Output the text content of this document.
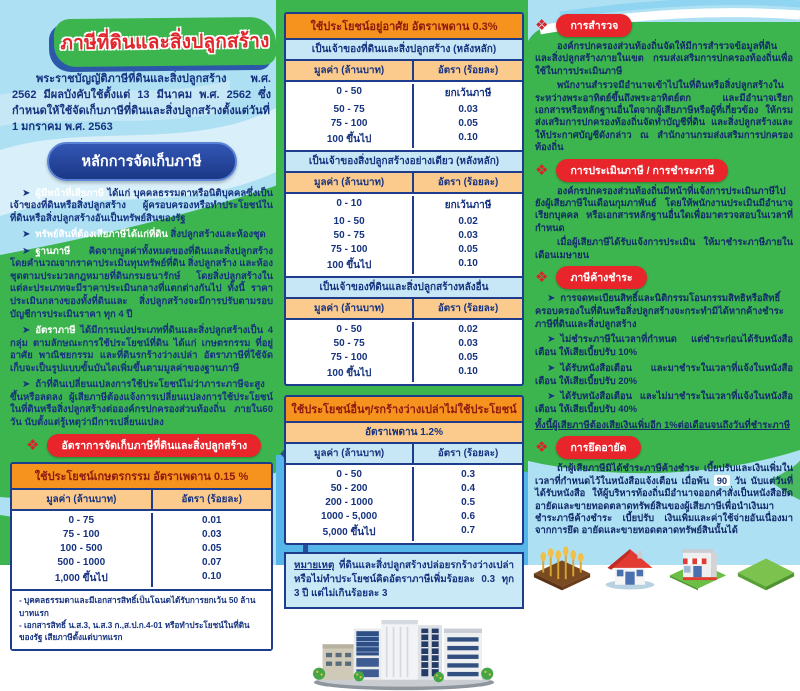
ภาษีที่ดินและสิ่งปลูกสร้าง

พระราชบัญญัติภาษีที่ดินและสิ่งปลูกสร้าง พ.ศ. 2562 มีผลบังคับใช้ตั้งแต่ 13 มีนาคม พ.ศ. 2562 ซึ่งกำหนดให้ใช้จัดเก็บภาษีที่ดินและสิ่งปลูกสร้างตั้งแต่วันที่ 1 มกราคม พ.ศ. 2563

หลักการจัดเก็บภาษี

➤ ผู้มีหน้าที่เสียภาษี ได้แก่ บุคคลธรรมดาหรือนิติบุคคลซึ่งเป็นเจ้าของที่ดินหรือสิ่งปลูกสร้าง ผู้ครอบครองหรือทำประโยชน์ในที่ดินหรือสิ่งปลูกสร้างอันเป็นทรัพย์สินของรัฐ

➤ ทรัพย์สินที่ต้องเสียภาษีได้แก่ที่ดิน สิ่งปลูกสร้างและห้องชุด

➤ ฐานภาษี คิดจากมูลค่าทั้งหมดของที่ดินและสิ่งปลูกสร้างโดยคำนวณจากราคาประเมินทุนทรัพย์ที่ดิน สิ่งปลูกสร้าง และห้องชุดตามประมวลกฎหมายที่ดินกรมธนารักษ์ โดยสิ่งปลูกสร้างในแต่ละประเภทจะมีราคาประเมินกลางที่แตกต่างกันไป ทั้งนี้ ราคาประเมินกลางของทั้งที่ดินและ สิ่งปลูกสร้างจะมีการปรับตามรอบบัญชีการประเมินราคา ทุก 4 ปี

➤ อัตราภาษี ได้มีการแบ่งประเภทที่ดินและสิ่งปลูกสร้างเป็น 4 กลุ่ม ตามลักษณะการใช้ประโยชน์ที่ดิน ได้แก่ เกษตรกรรม ที่อยู่อาศัย พาณิชยกรรม และที่ดินรกร้างว่างเปล่า อัตราภาษีที่ใช้จัดเก็บจะเป็นรูปแบบขั้นบันไดเพิ่มขึ้นตามมูลค่าของฐานภาษี

➤ ถ้าที่ดินเปลี่ยนแปลงการใช้ประโยชน์ไม่ว่าภาระภาษีจะสูงขึ้นหรือลดลง ผู้เสียภาษีต้องแจ้งการเปลี่ยนแปลงการใช้ประโยชน์ในที่ดินหรือสิ่งปลูกสร้างต่อองค์กรปกครองส่วนท้องถิ่น ภายใน60 วัน นับตั้งแต่รู้เหตุว่ามีการเปลี่ยนแปลง

❖	อัตราการจัดเก็บภาษีที่ดินและสิ่งปลูกสร้าง
ใช้ประโยชน์เกษตรกรรม อัตราเพดาน 0.15 %
มูลค่า (ล้านบาท)	อัตรา (ร้อยละ)
0 - 75	0.01
75 - 100	0.03
100 - 500	0.05
500 - 1000	0.07
1,000 ขึ้นไป	0.10
- บุคคลธรรมดาและมีเอกสารสิทธิ์เป็นโฉนดได้รับการยกเว้น 50 ล้านบาทแรก
- เอกสารสิทธิ์ น.ส.3, น.ส.3 ก.,ส.ป.ก.4-01 หรือทำประโยชน์ในที่ดินของรัฐ เสียภาษีตั้งแต่บาทแรก
ใช้ประโยชน์อยู่อาศัย อัตราเพดาน 0.3%
เป็นเจ้าของที่ดินและสิ่งปลูกสร้าง (หลังหลัก)
มูลค่า (ล้านบาท)	อัตรา (ร้อยละ)
0 - 50	ยกเว้นภาษี
50 - 75	0.03
75 - 100	0.05
100 ขึ้นไป	0.10
เป็นเจ้าของสิ่งปลูกสร้างอย่างเดียว (หลังหลัก)
มูลค่า (ล้านบาท)	อัตรา (ร้อยละ)
0 - 10	ยกเว้นภาษี
10 - 50	0.02
50 - 75	0.03
75 - 100	0.05
100 ขึ้นไป	0.10
เป็นเจ้าของที่ดินและสิ่งปลูกสร้างหลังอื่น
มูลค่า (ล้านบาท)	อัตรา (ร้อยละ)
0 - 50	0.02
50 - 75	0.03
75 - 100	0.05
100 ขึ้นไป	0.10
ใช้ประโยชน์อื่นๆ/รกร้างว่างเปล่าไม่ใช้ประโยชน์
อัตราเพดาน 1.2%
มูลค่า (ล้านบาท)	อัตรา (ร้อยละ)
0 - 50	0.3
50 - 200	0.4
200 - 1000	0.5
1000 - 5,000	0.6
5,000 ขึ้นไป	0.7
หมายเหตุ ที่ดินและสิ่งปลูกสร้างปล่อยรกร้างว่างเปล่าหรือไม่ทำประโยชน์คิดอัตราภาษีเพิ่มร้อยละ 0.3 ทุก 3 ปี แต่ไม่เกินร้อยละ 3
❖	การสำรวจ

องค์กรปกครองส่วนท้องถิ่นจัดให้มีการสำรวจข้อมูลที่ดินและสิ่งปลูกสร้างภายในเขต กรมส่งเสริมการปกครองท้องถิ่นเพื่อใช้ในการประเมินภาษี

พนักงานสำรวจมีอำนาจเข้าไปในที่ดินหรือสิ่งปลูกสร้างในระหว่างพระอาทิตย์ขึ้นถึงพระอาทิตย์ตก และมีอำนาจเรียกเอกสารหรือหลักฐานอื่นใดจากผู้เสียภาษีหรือผู้ที่เกี่ยวข้อง ให้กรมส่งเสริมการปกครองท้องถิ่นจัดทำบัญชีที่ดิน และสิ่งปลูกสร้างและให้ประกาศบัญชีดังกล่าว ณ สำนักงานกรมส่งเสริมการปกครองท้องถิ่น

❖	การประเมินภาษี / การชำระภาษี

องค์กรปกครองส่วนท้องถิ่นมีหน้าที่แจ้งการประเมินภาษีไปยังผู้เสียภาษีในเดือนกุมภาพันธ์ โดยให้พนักงานประเมินมีอำนาจเรียกบุคคล หรือเอกสารหลักฐานอื่นใดเพื่อมาตรวจสอบในเวลาที่กำหนด

เมื่อผู้เสียภาษีได้รับแจ้งการประเมิน ให้มาชำระภาษีภายในเดือนเมษายน

❖	ภาษีค้างชำระ

➤ การจดทะเบียนสิทธิ์และนิติกรรมโอนกรรมสิทธิหรือสิทธิ์ครอบครองในที่ดินหรือสิ่งปลูกสร้างจะกระทำมิได้หากค้างชำระภาษีที่ดินและสิ่งปลูกสร้าง

➤ ไม่ชำระภาษีในเวลาที่กำหนด แต่ชำระก่อนได้รับหนังสือเตือน ให้เสียเบี้ยปรับ 10%

➤ ได้รับหนังสือเตือน และมาชำระในเวลาที่แจ้งในหนังสือเตือน ให้เสียเบี้ยปรับ 20%

➤ ได้รับหนังสือเตือน และไม่มาชำระในเวลาที่แจ้งในหนังสือเตือน ให้เสียเบี้ยปรับ 40%

ทั้งนี้ผู้เสียภาษีต้องเสียเงินเพิ่มอีก 1%ต่อเดือนจนถึงวันที่ชำระภาษี

❖	การยึดอายัด

ถ้าผู้เสียภาษีมิได้ชำระภาษีค้างชำระ เบี้ยปรับและเงินเพิ่มในเวลาที่กำหนดไว้ในหนังสือแจ้งเตือน เมื่อพ้น 90 วัน นับแต่วันที่ได้รับหนังสือ ให้ผู้บริหารท้องถิ่นมีอำนาจออกคำสั่งเป็นหนังสือยึด อายัดและขายทอดตลาดทรัพย์สินของผู้เสียภาษีเพื่อนำเงินมาชำระภาษีค้างชำระ เบี้ยปรับ เงินเพิ่มและค่าใช้จ่ายอันเนื่องมาจากการยึด อายัดและขายทอดตลาดทรัพย์สินนั้นได้
